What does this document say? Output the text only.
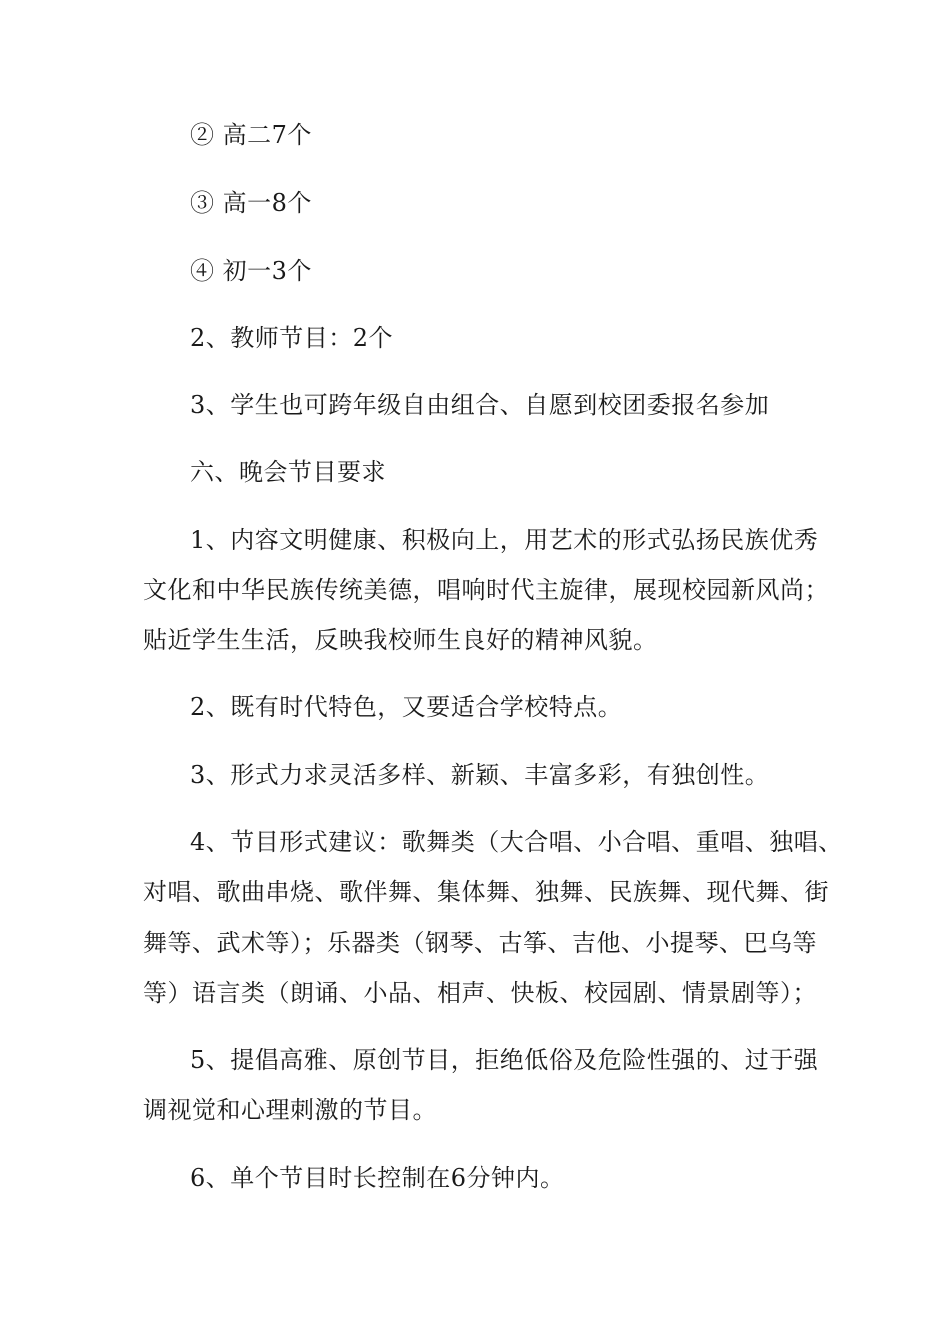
② 高二7个
③ 高一8个
④ 初一3个
2、教师节目：2个
3、学生也可跨年级自由组合、自愿到校团委报名参加
六、晚会节目要求
1、内容文明健康、积极向上，用艺术的形式弘扬民族优秀
文化和中华民族传统美德，唱响时代主旋律，展现校园新风尚；
贴近学生生活，反映我校师生良好的精神风貌。
2、既有时代特色，又要适合学校特点。
3、形式力求灵活多样、新颖、丰富多彩，有独创性。
4、节目形式建议：歌舞类（大合唱、小合唱、重唱、独唱、
对唱、歌曲串烧、歌伴舞、集体舞、独舞、民族舞、现代舞、街
舞等、武术等）；乐器类（钢琴、古筝、吉他、小提琴、巴乌等
等）语言类（朗诵、小品、相声、快板、校园剧、情景剧等）；
5、提倡高雅、原创节目，拒绝低俗及危险性强的、过于强
调视觉和心理刺激的节目。
6、单个节目时长控制在6分钟内。
